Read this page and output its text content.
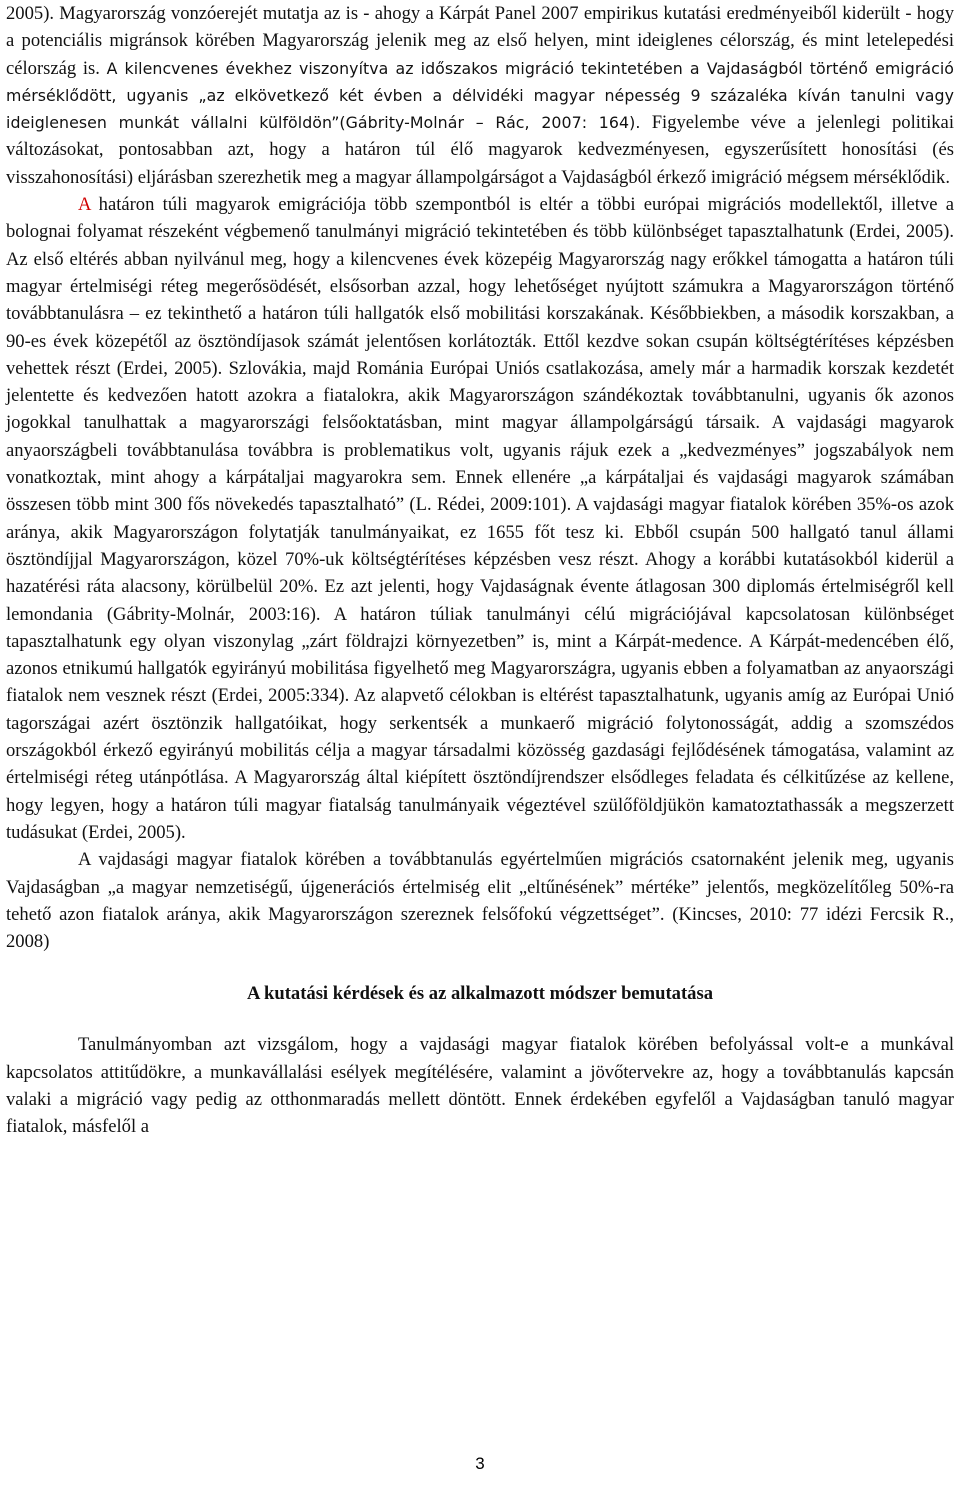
2005). Magyarország vonzóerejét mutatja az is - ahogy a Kárpát Panel 2007 empirikus kutatási eredményeiből kiderült - hogy a potenciális migránsok körében Magyarország jelenik meg az első helyen, mint ideiglenes célország, és mint letelepedési célország is. A kilencvenes évekhez viszonyítva az időszakos migráció tekintetében a Vajdaságból történő emigráció mérséklődött, ugyanis „az elkövetkező két évben a délvidéki magyar népesség 9 százaléka kíván tanulni vagy ideiglenesen munkát vállalni külföldön”(Gábrity-Molnár – Rác, 2007: 164). Figyelembe véve a jelenlegi politikai változásokat, pontosabban azt, hogy a határon túl élő magyarok kedvezményesen, egyszerűsített honosítási (és visszahonosítási) eljárásban szerezhetik meg a magyar állampolgárságot a Vajdaságból érkező imigráció mégsem mérséklődik.

A határon túli magyarok emigrációja több szempontból is eltér a többi európai migrációs modellektől, illetve a bolognai folyamat részeként végbemenő tanulmányi migráció tekintetében és több különbséget tapasztalhatunk (Erdei, 2005). Az első eltérés abban nyilvánul meg, hogy a kilencvenes évek közepéig Magyarország nagy erőkkel támogatta a határon túli magyar értelmiségi réteg megerősödését, elsősorban azzal, hogy lehetőséget nyújtott számukra a Magyarországon történő továbbtanulásra – ez tekinthető a határon túli hallgatók első mobilitási korszakának. Későbbiekben, a második korszakban, a 90-es évek közepétől az ösztöndíjasok számát jelentősen korlátozták. Ettől kezdve sokan csupán költségtérítéses képzésben vehettek részt (Erdei, 2005). Szlovákia, majd Románia Európai Uniós csatlakozása, amely már a harmadik korszak kezdetét jelentette és kedvezően hatott azokra a fiatalokra, akik Magyarországon szándékoztak továbbtanulni, ugyanis ők azonos jogokkal tanulhattak a magyarországi felsőoktatásban, mint magyar állampolgárságú társaik. A vajdasági magyarok anyaországbeli továbbtanulása továbbra is problematikus volt, ugyanis rájuk ezek a „kedvezményes” jogszabályok nem vonatkoztak, mint ahogy a kárpátaljai magyarokra sem. Ennek ellenére „a kárpátaljai és vajdasági magyarok számában összesen több mint 300 fős növekedés tapasztalható” (L. Rédei, 2009:101). A vajdasági magyar fiatalok körében 35%-os azok aránya, akik Magyarországon folytatják tanulmányaikat, ez 1655 főt tesz ki. Ebből csupán 500 hallgató tanul állami ösztöndíjjal Magyarországon, közel 70%-uk költségtérítéses képzésben vesz részt. Ahogy a korábbi kutatásokból kiderül a hazatérési ráta alacsony, körülbelül 20%. Ez azt jelenti, hogy Vajdaságnak évente átlagosan 300 diplomás értelmiségről kell lemondania (Gábrity-Molnár, 2003:16). A határon túliak tanulmányi célú migrációjával kapcsolatosan különbséget tapasztalhatunk egy olyan viszonylag „zárt földrajzi környezetben” is, mint a Kárpát-medence. A Kárpát-medencében élő, azonos etnikumú hallgatók egyirányú mobilitása figyelhető meg Magyarországra, ugyanis ebben a folyamatban az anyaországi fiatalok nem vesznek részt (Erdei, 2005:334). Az alapvető célokban is eltérést tapasztalhatunk, ugyanis amíg az Európai Unió tagországai azért ösztönzik hallgatóikat, hogy serkentsék a munkaerő migráció folytonosságát, addig a szomszédos országokból érkező egyirányú mobilitás célja a magyar társadalmi közösség gazdasági fejlődésének támogatása, valamint az értelmiségi réteg utánpótlása. A Magyarország által kiépített ösztöndíjrendszer elsődleges feladata és célkitűzése az kellene, hogy legyen, hogy a határon túli magyar fiatalság tanulmányaik végeztével szülőföldjükön kamatoztathassák a megszerzett tudásukat (Erdei, 2005).

A vajdasági magyar fiatalok körében a továbbtanulás egyértelműen migrációs csatornaként jelenik meg, ugyanis Vajdaságban „a magyar nemzetiségű, újgenerációs értelmiség elit „eltűnésének” mértéke” jelentős, megközelítőleg 50%-ra tehető azon fiatalok aránya, akik Magyarországon szereznek felsőfokú végzettséget”. (Kincses, 2010: 77 idézi Fercsik R., 2008)

A kutatási kérdések és az alkalmazott módszer bemutatása

Tanulmányomban azt vizsgálom, hogy a vajdasági magyar fiatalok körében befolyással volt-e a munkával kapcsolatos attitűdökre, a munkavállalási esélyek megítélésére, valamint a jövőtervekre az, hogy a továbbtanulás kapcsán valaki a migráció vagy pedig az otthonmaradás mellett döntött. Ennek érdekében egyfelől a Vajdaságban tanuló magyar fiatalok, másfelől a

3
